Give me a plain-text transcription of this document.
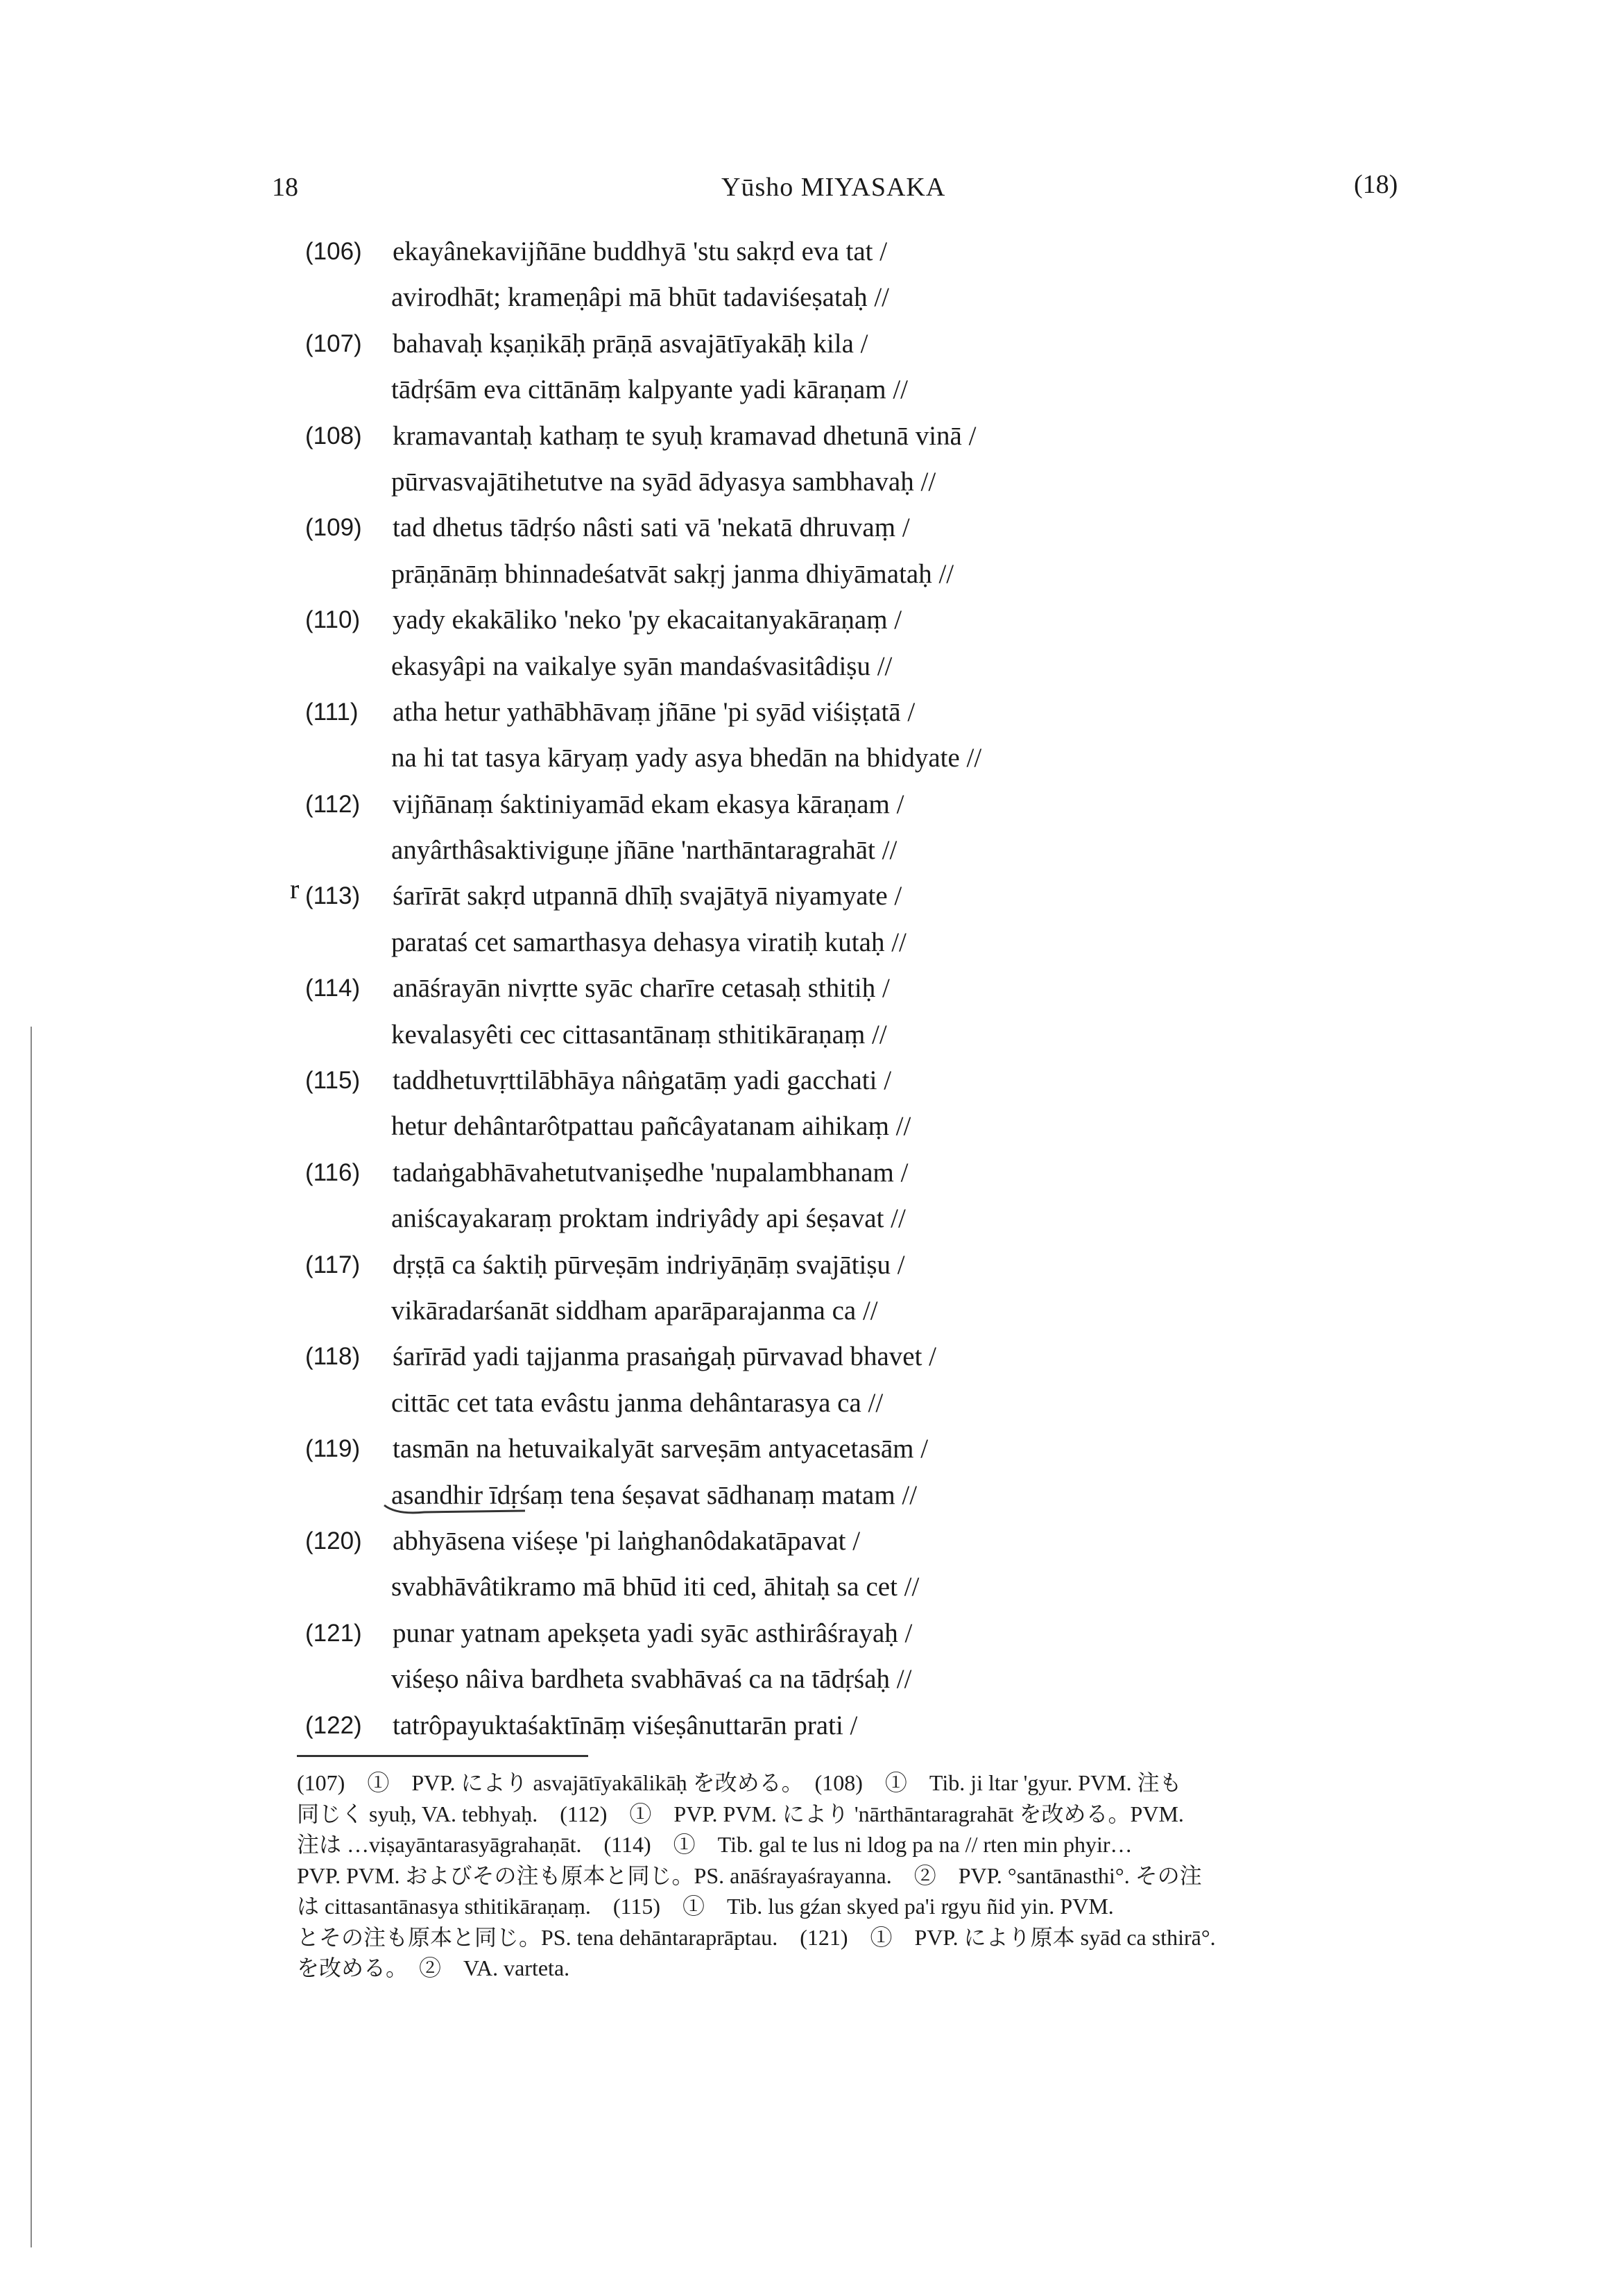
18	Yūsho MIYASAKA	(18)
r
(106) ekayânekavijñāne buddhyā 'stu sakṛd eva tat /
avirodhāt; krameṇâpi mā bhūt tadaviśeṣataḥ //
(107) bahavaḥ kṣaṇikāḥ prāṇā asvajātīyakāḥ kila /
tādṛśām eva cittānāṃ kalpyante yadi kāraṇam //
(108) kramavantaḥ kathaṃ te syuḥ kramavad dhetunā vinā /
pūrvasvajātihetutve na syād ādyasya sambhavaḥ //
(109) tad dhetus tādṛśo nâsti sati vā 'nekatā dhruvaṃ /
prāṇānāṃ bhinnadeśatvāt sakṛj janma dhiyāmataḥ //
(110) yady ekakāliko 'neko 'py ekacaitanyakāraṇaṃ /
ekasyâpi na vaikalye syān mandaśvasitâdiṣu //
(111) atha hetur yathābhāvaṃ jñāne 'pi syād viśiṣṭatā /
na hi tat tasya kāryaṃ yady asya bhedān na bhidyate //
(112) vijñānaṃ śaktiniyamād ekam ekasya kāraṇam /
anyârthâsaktiviguṇe jñāne 'narthāntaragrahāt //
(113) śarīrāt sakṛd utpannā dhīḥ svajātyā niyamyate /
parataś cet samarthasya dehasya viratiḥ kutaḥ //
(114) anāśrayān nivṛtte syāc charīre cetasaḥ sthitiḥ /
kevalasyêti cec cittasantānaṃ sthitikāraṇaṃ //
(115) taddhetuvṛttilābhāya nâṅgatāṃ yadi gacchati /
hetur dehântarôtpattau pañcâyatanam aihikaṃ //
(116) tadaṅgabhāvahetutvaniṣedhe 'nupalambhanam /
aniścayakaraṃ proktam indriyâdy api śeṣavat //
(117) dṛṣṭā ca śaktiḥ pūrveṣām indriyāṇāṃ svajātiṣu /
vikāradarśanāt siddham aparāparajanma ca //
(118) śarīrād yadi tajjanma prasaṅgaḥ pūrvavad bhavet /
cittāc cet tata evâstu janma dehântarasya ca //
(119) tasmān na hetuvaikalyāt sarveṣām antyacetasām /
asandhir īdṛśaṃ tena śeṣavat sādhanaṃ matam //
(120) abhyāsena viśeṣe 'pi laṅghanôdakatāpavat /
svabhāvâtikramo mā bhūd iti ced, āhitaḥ sa cet //
(121) punar yatnam apekṣeta yadi syāc asthirâśrayaḥ /
viśeṣo nâiva bardheta svabhāvaś ca na tādṛśaḥ //
(122) tatrôpayuktaśaktīnāṃ viśeṣânuttarān prati /
(107)　①　PVP. により asvajātīyakālikāḥ を改める。　(108)　①　Tib. ji ltar 'gyur. PVM. 注も
同じく syuḥ, VA. tebhyaḥ.　(112)　①　PVP. PVM. により 'nārthāntaragrahāt を改める。PVM.
注は …viṣayāntarasyāgrahaṇāt.　(114)　①　Tib. gal te lus ni ldog pa na // rten min phyir…
PVP. PVM. およびその注も原本と同じ。PS. anāśrayaśrayanna.　②　PVP. °santānasthi°. その注
は cittasantānasya sthitikāraṇaṃ.　(115)　①　Tib. lus gźan skyed pa'i rgyu ñid yin. PVM.
とその注も原本と同じ。PS. tena dehāntaraprāptau.　(121)　①　PVP. により原本 syād ca sthirā°.
を改める。　②　VA. varteta.
